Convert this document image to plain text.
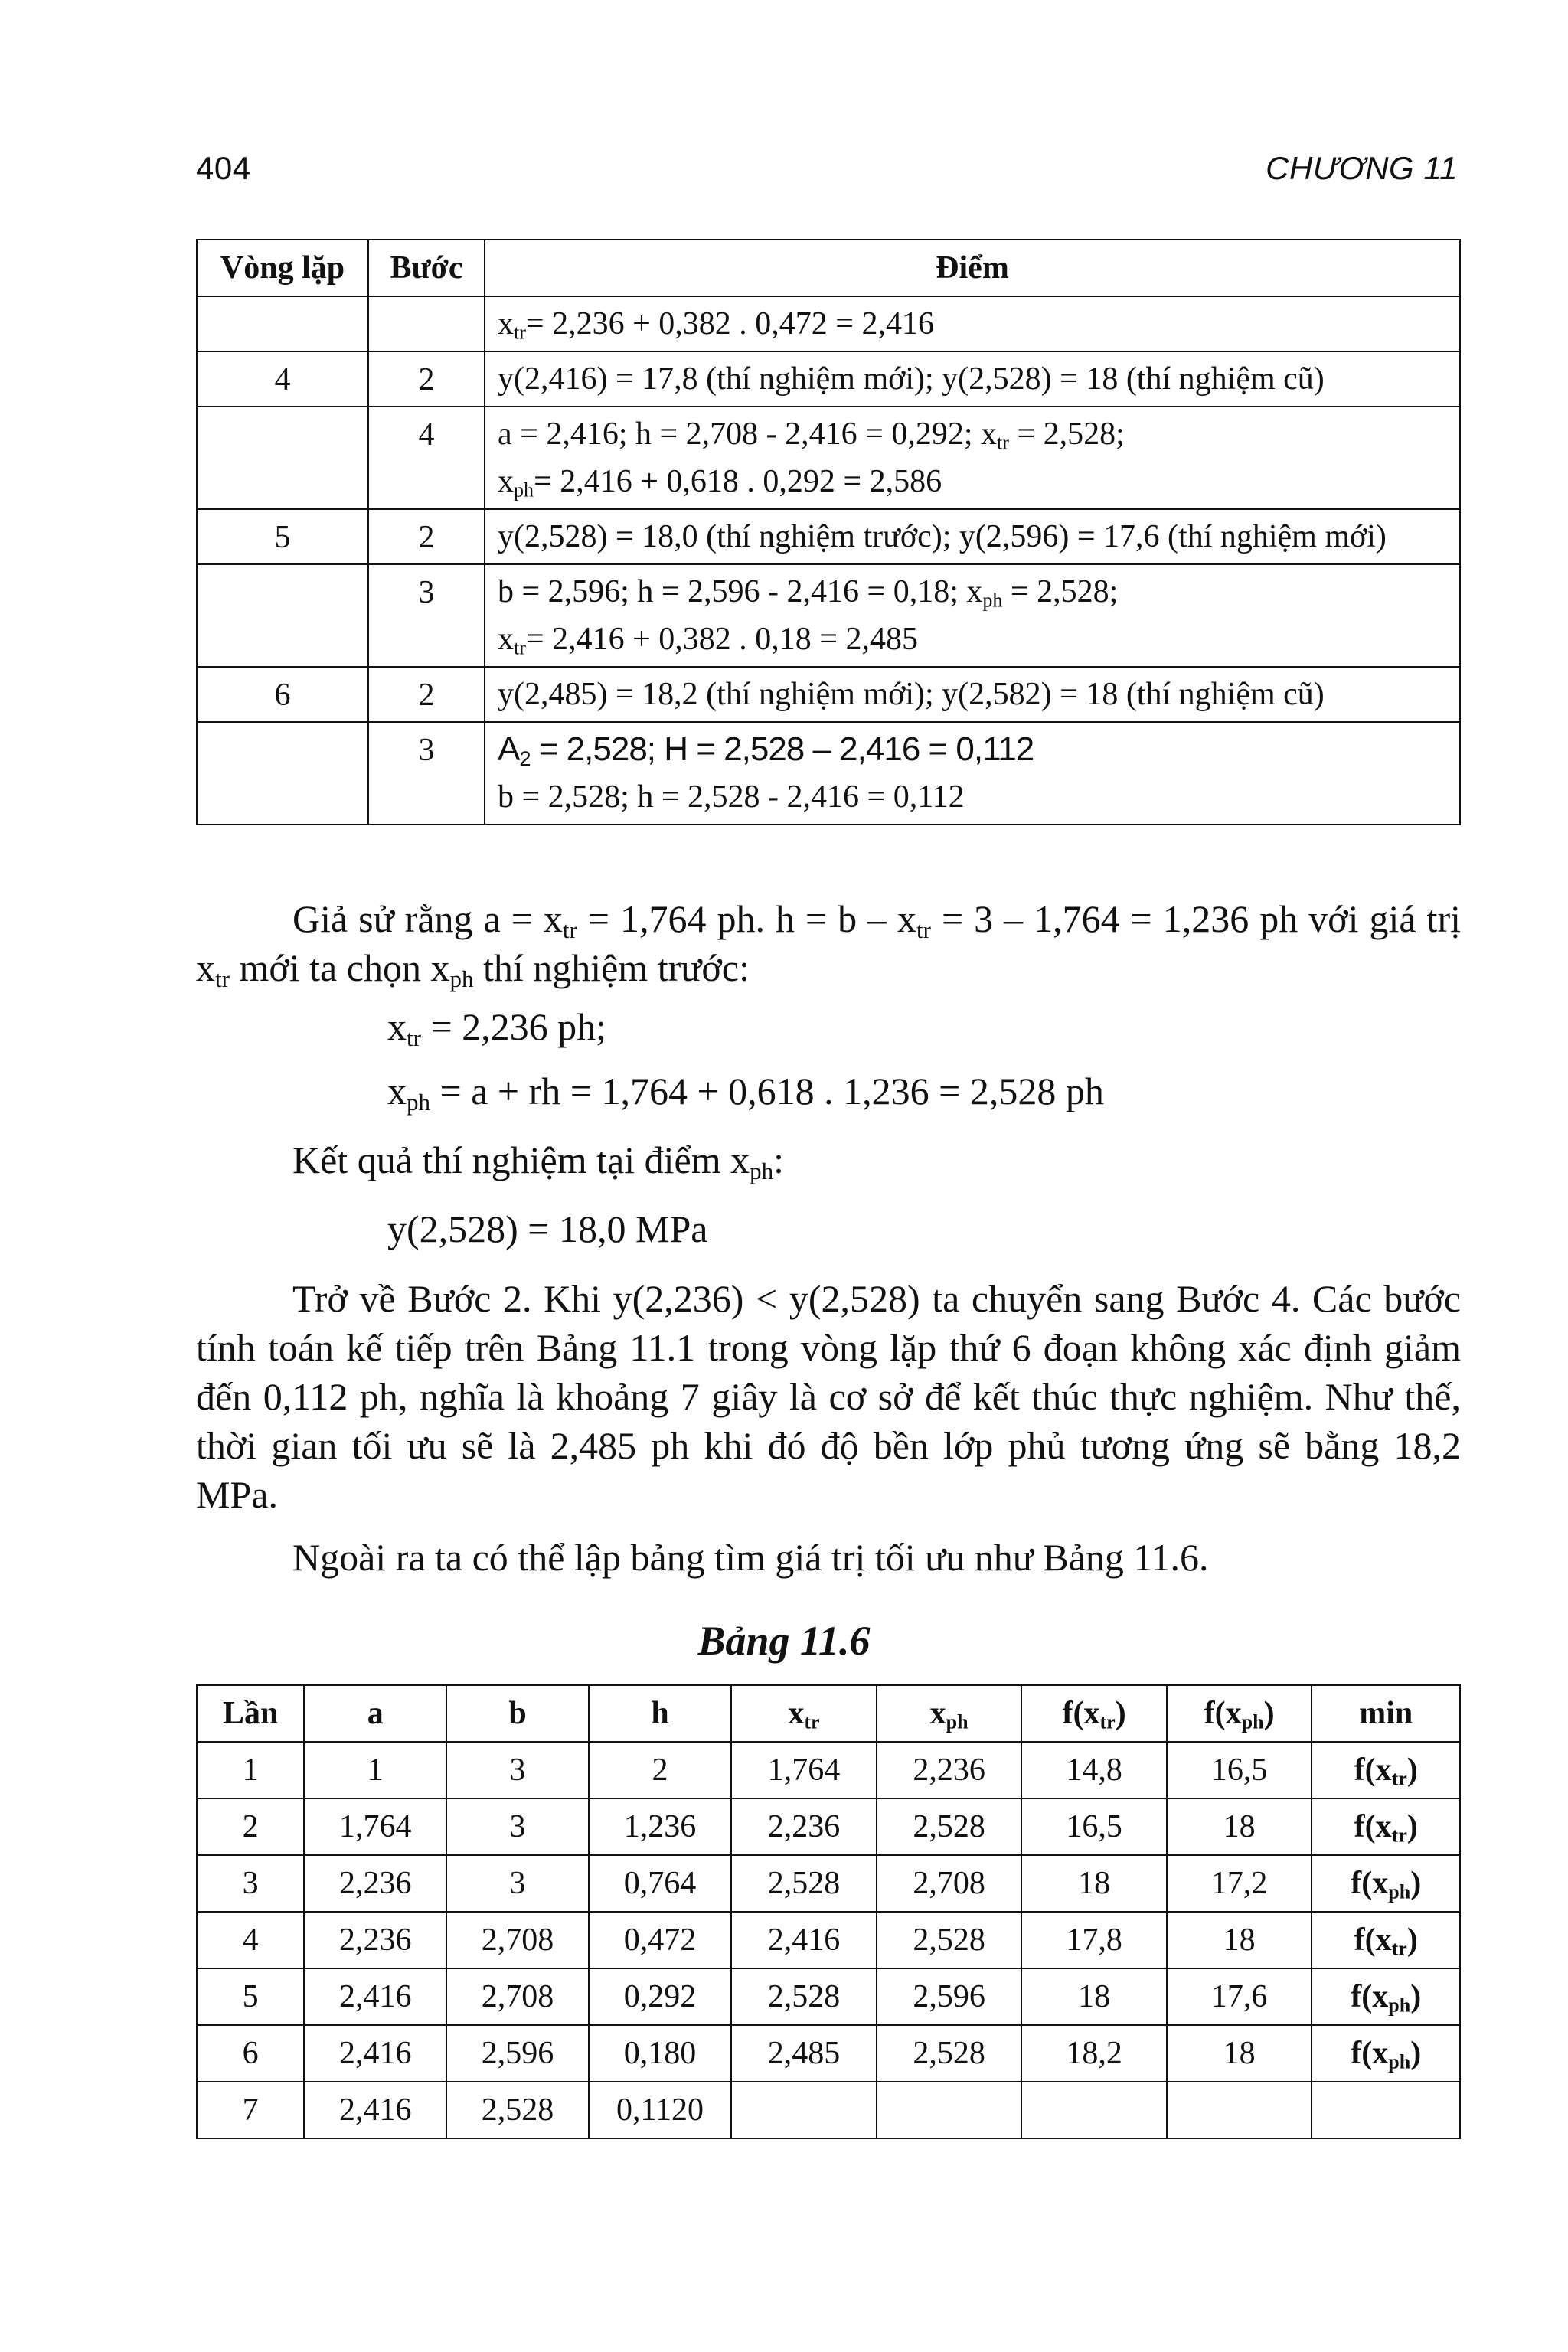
404	CHƯƠNG 11
Vòng lặp	Bước	Điểm

		$x_{tr}= 2,236 + 0,382$ . 0,472 = 2,416

4	2	y(2,416) = 17,8 (thí nghiệm mới); y(2,528) = 18 (thí nghiệm cũ)

	4	a = 2,416; h = 2,708 - 2,416 = 0,292; $x_{tr} = 2,528$;
$x_{ph}= 2,416 + 0,618$ . 0,292 = 2,586

5	2	y(2,528) = 18,0 (thí nghiệm trước); y(2,596) = 17,6 (thí nghiệm mới)

	3	b = 2,596; h = 2,596 - 2,416 = 0,18; $x_{ph} = 2,528$;
$x_{tr}= 2,416 + 0,382$ . 0,18 = 2,485

6	2	y(2,485) = 18,2 (thí nghiệm mới); y(2,582) = 18 (thí nghiệm cũ)

	3	$A_2 = 2,528$; H = 2,528 – 2,416 = 0,112
b = 2,528; h = 2,528 - 2,416 = 0,112

Giả sử rằng $a = x_{tr} = 1,764$ ph. $h = b - x_{tr} = 3 - 1,764 = 1,236$ ph với giá trị $x_{tr}$ mới ta chọn $x_{ph}$ thí nghiệm trước:

$x_{tr} = 2,236$ ph;
$x_{ph} = a$ + rh = 1,764 + 0,618 . 1,236 = 2,528 ph
Kết quả thí nghiệm tại điểm $x_{ph}$:
y(2,528) = 18,0 MPa

Trở về Bước 2. Khi y(2,236) < y(2,528) ta chuyển sang Bước 4. Các bước tính toán kế tiếp trên Bảng 11.1 trong vòng lặp thứ 6 đoạn không xác định giảm đến 0,112 ph, nghĩa là khoảng 7 giây là cơ sở để kết thúc thực nghiệm. Như thế, thời gian tối ưu sẽ là 2,485 ph khi đó độ bền lớp phủ tương ứng sẽ bằng 18,2 MPa.

Ngoài ra ta có thể lập bảng tìm giá trị tối ưu như Bảng 11.6.

Bảng 11.6
Lần	a	b	h	$x_{tr}$	$x_{ph}$	$f(x_{tr})$	$f(x_{ph})$	min
1	1	3	2	1,764	2,236	14,8	16,5	$f(x_{tr})$
2	1,764	3	1,236	2,236	2,528	16,5	18	$f(x_{tr})$
3	2,236	3	0,764	2,528	2,708	18	17,2	$f(x_{ph})$
4	2,236	2,708	0,472	2,416	2,528	17,8	18	$f(x_{tr})$
5	2,416	2,708	0,292	2,528	2,596	18	17,6	$f(x_{ph})$
6	2,416	2,596	0,180	2,485	2,528	18,2	18	$f(x_{ph})$
7	2,416	2,528	0,1120					
